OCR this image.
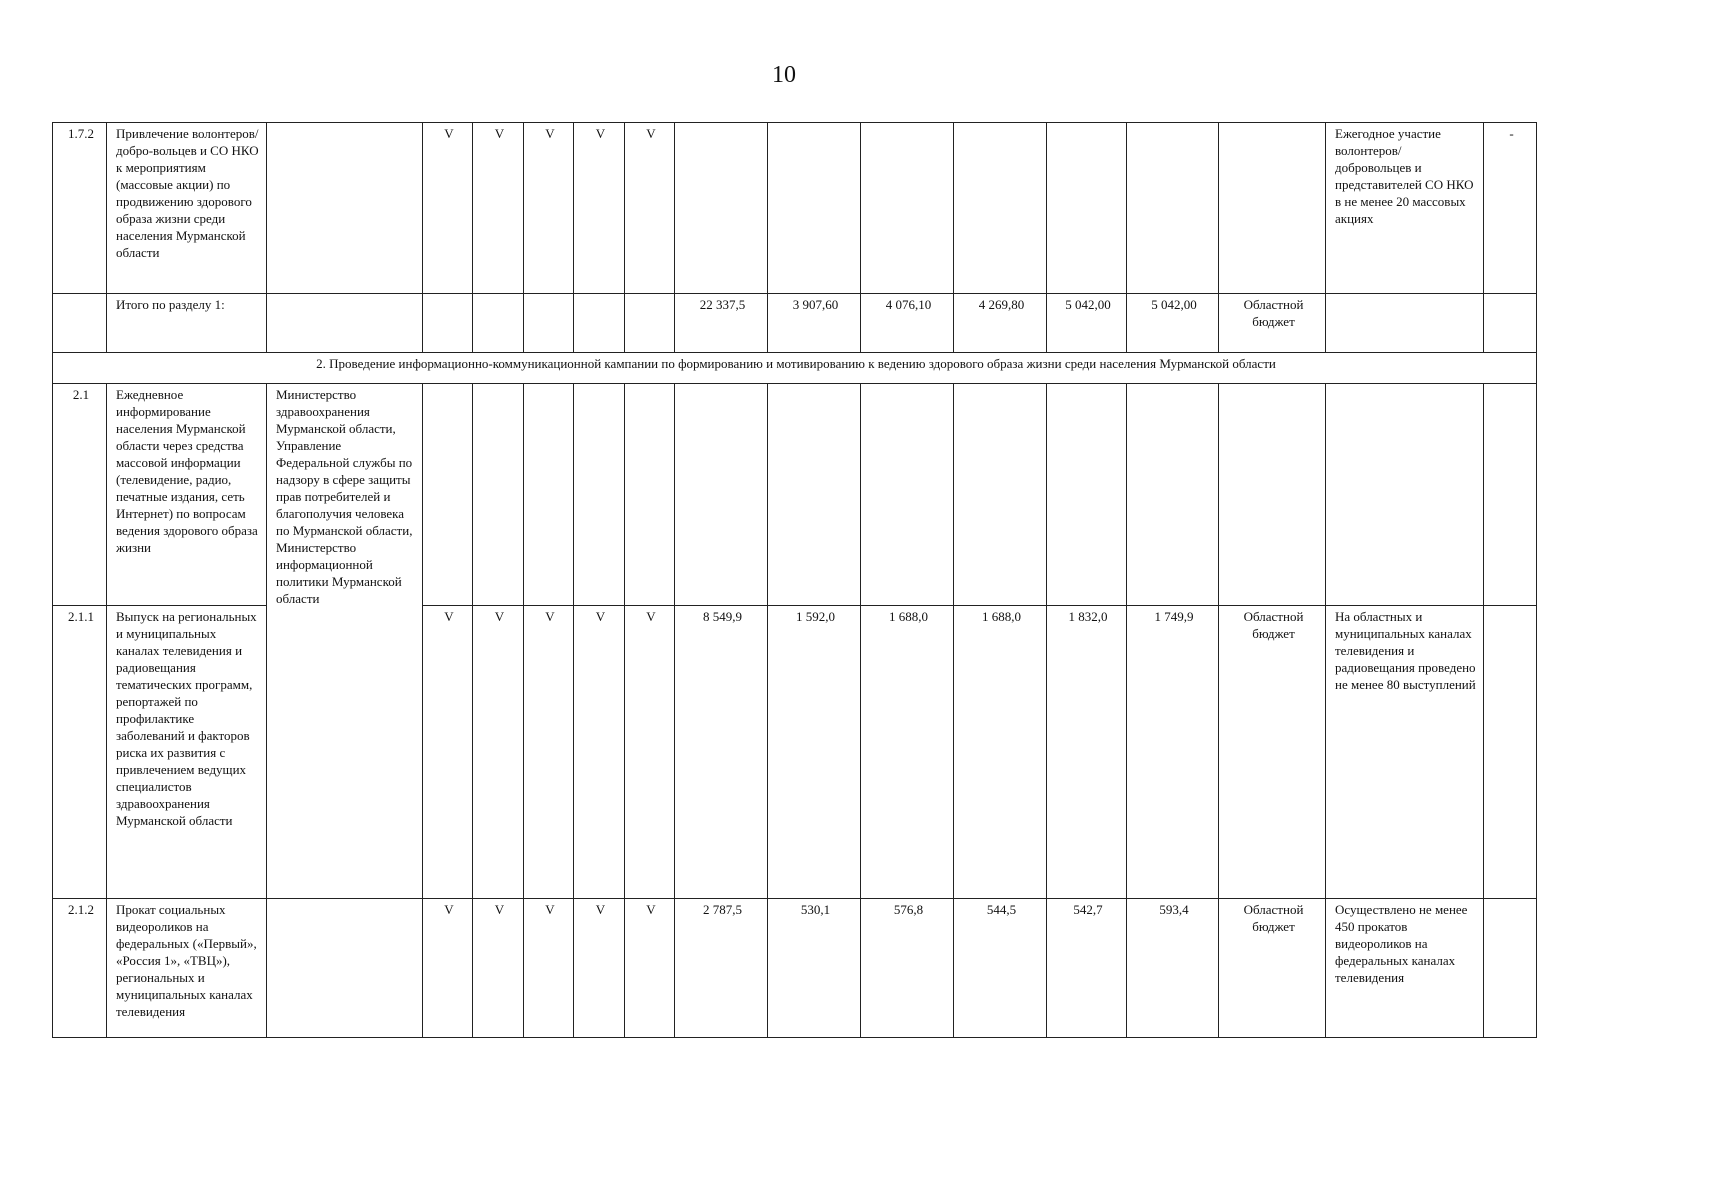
10
1.7.2	Привлечение волонтеров/добро-вольцев и СО НКО к мероприятиям (массовые акции) по продвижению здорового образа жизни среди населения Мурманской области		V	V	V	V	V								Ежегодное участие волонтеров/ добровольцев и представителей СО НКО в не менее 20 массовых акциях	-
	Итого по разделу 1:							22 337,5	3 907,60	4 076,10	4 269,80	5 042,00	5 042,00	Областной бюджет		
2. Проведение информационно-коммуникационной кампании по формированию и мотивированию к ведению здорового образа жизни среди населения Мурманской области																
2.1	Ежедневное информирование населения Мурманской области через средства массовой информации (телевидение, радио, печатные издания, сеть Интернет) по вопросам ведения здорового образа жизни	Министерство здравоохранения Мурманской области, Управление Федеральной службы по надзору в сфере защиты прав потребителей и благополучия человека по Мурманской области, Министерство информационной политики Мурманской области														
2.1.1	Выпуск на региональных и муниципальных каналах телевидения и радиовещания тематических программ, репортажей по профилактике заболеваний и факторов риска их развития с привлечением ведущих специалистов здравоохранения Мурманской области		V	V	V	V	V	8 549,9	1 592,0	1 688,0	1 688,0	1 832,0	1 749,9	Областной бюджет	На областных и муниципальных каналах телевидения и радиовещания проведено не менее 80 выступлений	
2.1.2	Прокат социальных видеороликов на федеральных («Первый», «Россия 1», «ТВЦ»), региональных и муниципальных каналах телевидения		V	V	V	V	V	2 787,5	530,1	576,8	544,5	542,7	593,4	Областной бюджет	Осуществлено не менее 450 прокатов видеороликов на федеральных каналах телевидения	
